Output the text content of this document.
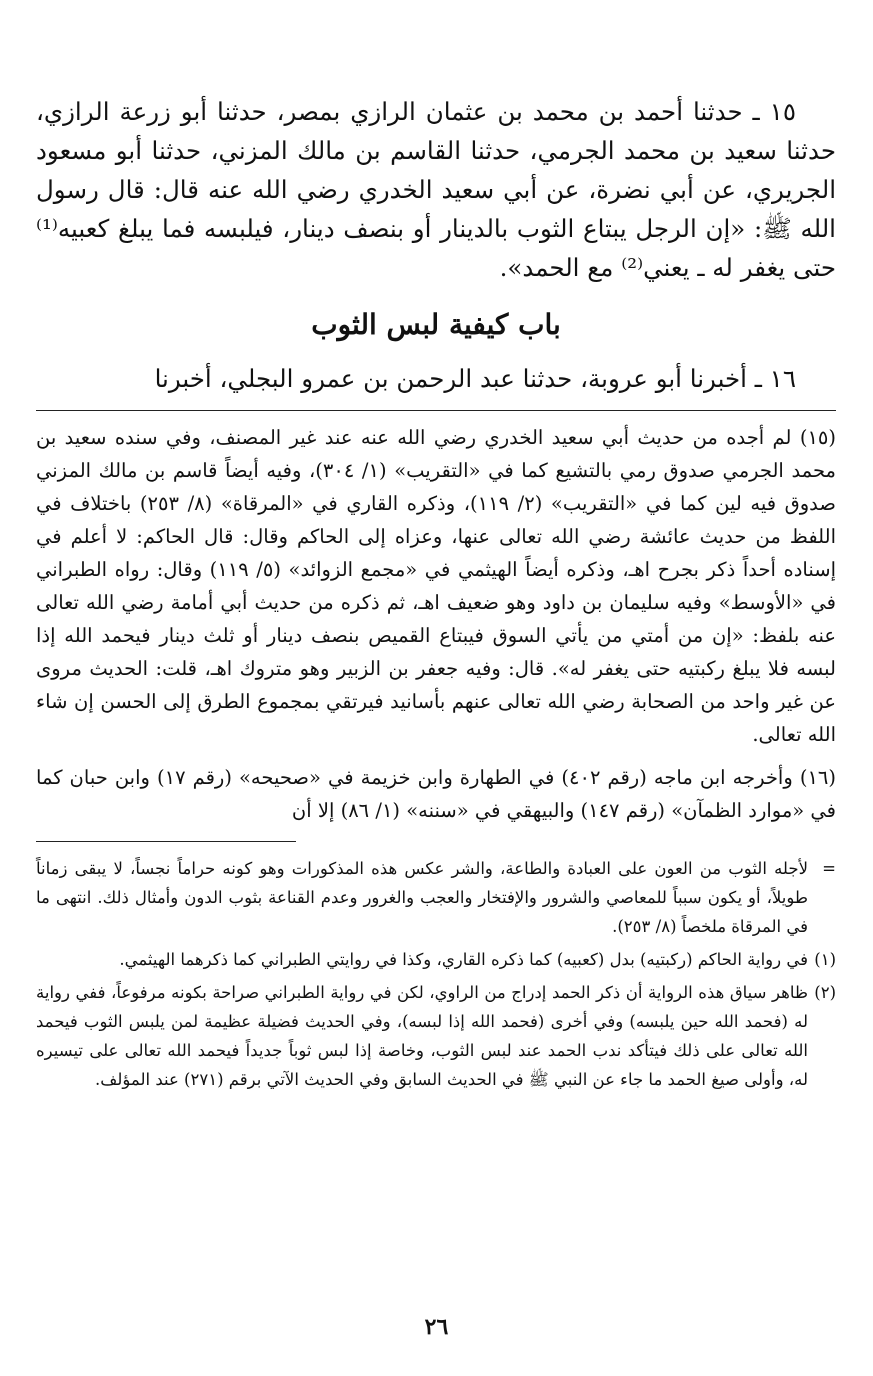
١٥ ـ حدثنا أحمد بن محمد بن عثمان الرازي بمصر، حدثنا أبو زرعة الرازي، حدثنا سعيد بن محمد الجرمي، حدثنا القاسم بن مالك المزني، حدثنا أبو مسعود الجريري، عن أبي نضرة، عن أبي سعيد الخدري رضي الله عنه قال: قال رسول الله ﷺ: «إن الرجل يبتاع الثوب بالدينار أو بنصف دينار، فيلبسه فما يبلغ كعبيه⁽¹⁾ حتى يغفر له ـ يعني⁽²⁾ مع الحمد».

باب كيفية لبس الثوب

١٦ ـ أخبرنا أبو عروبة، حدثنا عبد الرحمن بن عمرو البجلي، أخبرنا

(١٥) لم أجده من حديث أبي سعيد الخدري رضي الله عنه عند غير المصنف، وفي سنده سعيد بن محمد الجرمي صدوق رمي بالتشيع كما في «التقريب» (١/ ٣٠٤)، وفيه أيضاً قاسم بن مالك المزني صدوق فيه لين كما في «التقريب» (٢/ ١١٩)، وذكره القاري في «المرقاة» (٨/ ٢٥٣) باختلاف في اللفظ من حديث عائشة رضي الله تعالى عنها، وعزاه إلى الحاكم وقال: قال الحاكم: لا أعلم في إسناده أحداً ذكر بجرح اهـ، وذكره أيضاً الهيثمي في «مجمع الزوائد» (٥/ ١١٩) وقال: رواه الطبراني في «الأوسط» وفيه سليمان بن داود وهو ضعيف اهـ، ثم ذكره من حديث أبي أمامة رضي الله تعالى عنه بلفظ: «إن من أمتي من يأتي السوق فيبتاع القميص بنصف دينار أو ثلث دينار فيحمد الله إذا لبسه فلا يبلغ ركبتيه حتى يغفر له». قال: وفيه جعفر بن الزبير وهو متروك اهـ، قلت: الحديث مروى عن غير واحد من الصحابة رضي الله تعالى عنهم بأسانيد فيرتقي بمجموع الطرق إلى الحسن إن شاء الله تعالى.

(١٦) وأخرجه ابن ماجه (رقم ٤٠٢) في الطهارة وابن خزيمة في «صحيحه» (رقم ١٧) وابن حبان كما في «موارد الظمآن» (رقم ١٤٧) والبيهقي في «سننه» (١/ ٨٦) إلا أن

=
لأجله الثوب من العون على العبادة والطاعة، والشر عكس هذه المذكورات وهو كونه حراماً نجساً، لا يبقى زماناً طويلاً، أو يكون سبباً للمعاصي والشرور والإفتخار والعجب والغرور وعدم القناعة بثوب الدون وأمثال ذلك. انتهى ما في المرقاة ملخصاً (٨/ ٢٥٣).
(١)
في رواية الحاكم (ركبتيه) بدل (كعبيه) كما ذكره القاري، وكذا في روايتي الطبراني كما ذكرهما الهيثمي.
(٢)
ظاهر سياق هذه الرواية أن ذكر الحمد إدراج من الراوي، لكن في رواية الطبراني صراحة بكونه مرفوعاً، ففي رواية له (فحمد الله حين يلبسه) وفي أخرى (فحمد الله إذا لبسه)، وفي الحديث فضيلة عظيمة لمن يلبس الثوب فيحمد الله تعالى على ذلك فيتأكد ندب الحمد عند لبس الثوب، وخاصة إذا لبس ثوباً جديداً فيحمد الله تعالى على تيسيره له، وأولى صيغ الحمد ما جاء عن النبي ﷺ في الحديث السابق وفي الحديث الآتي برقم (٢٧١) عند المؤلف.
٢٦
